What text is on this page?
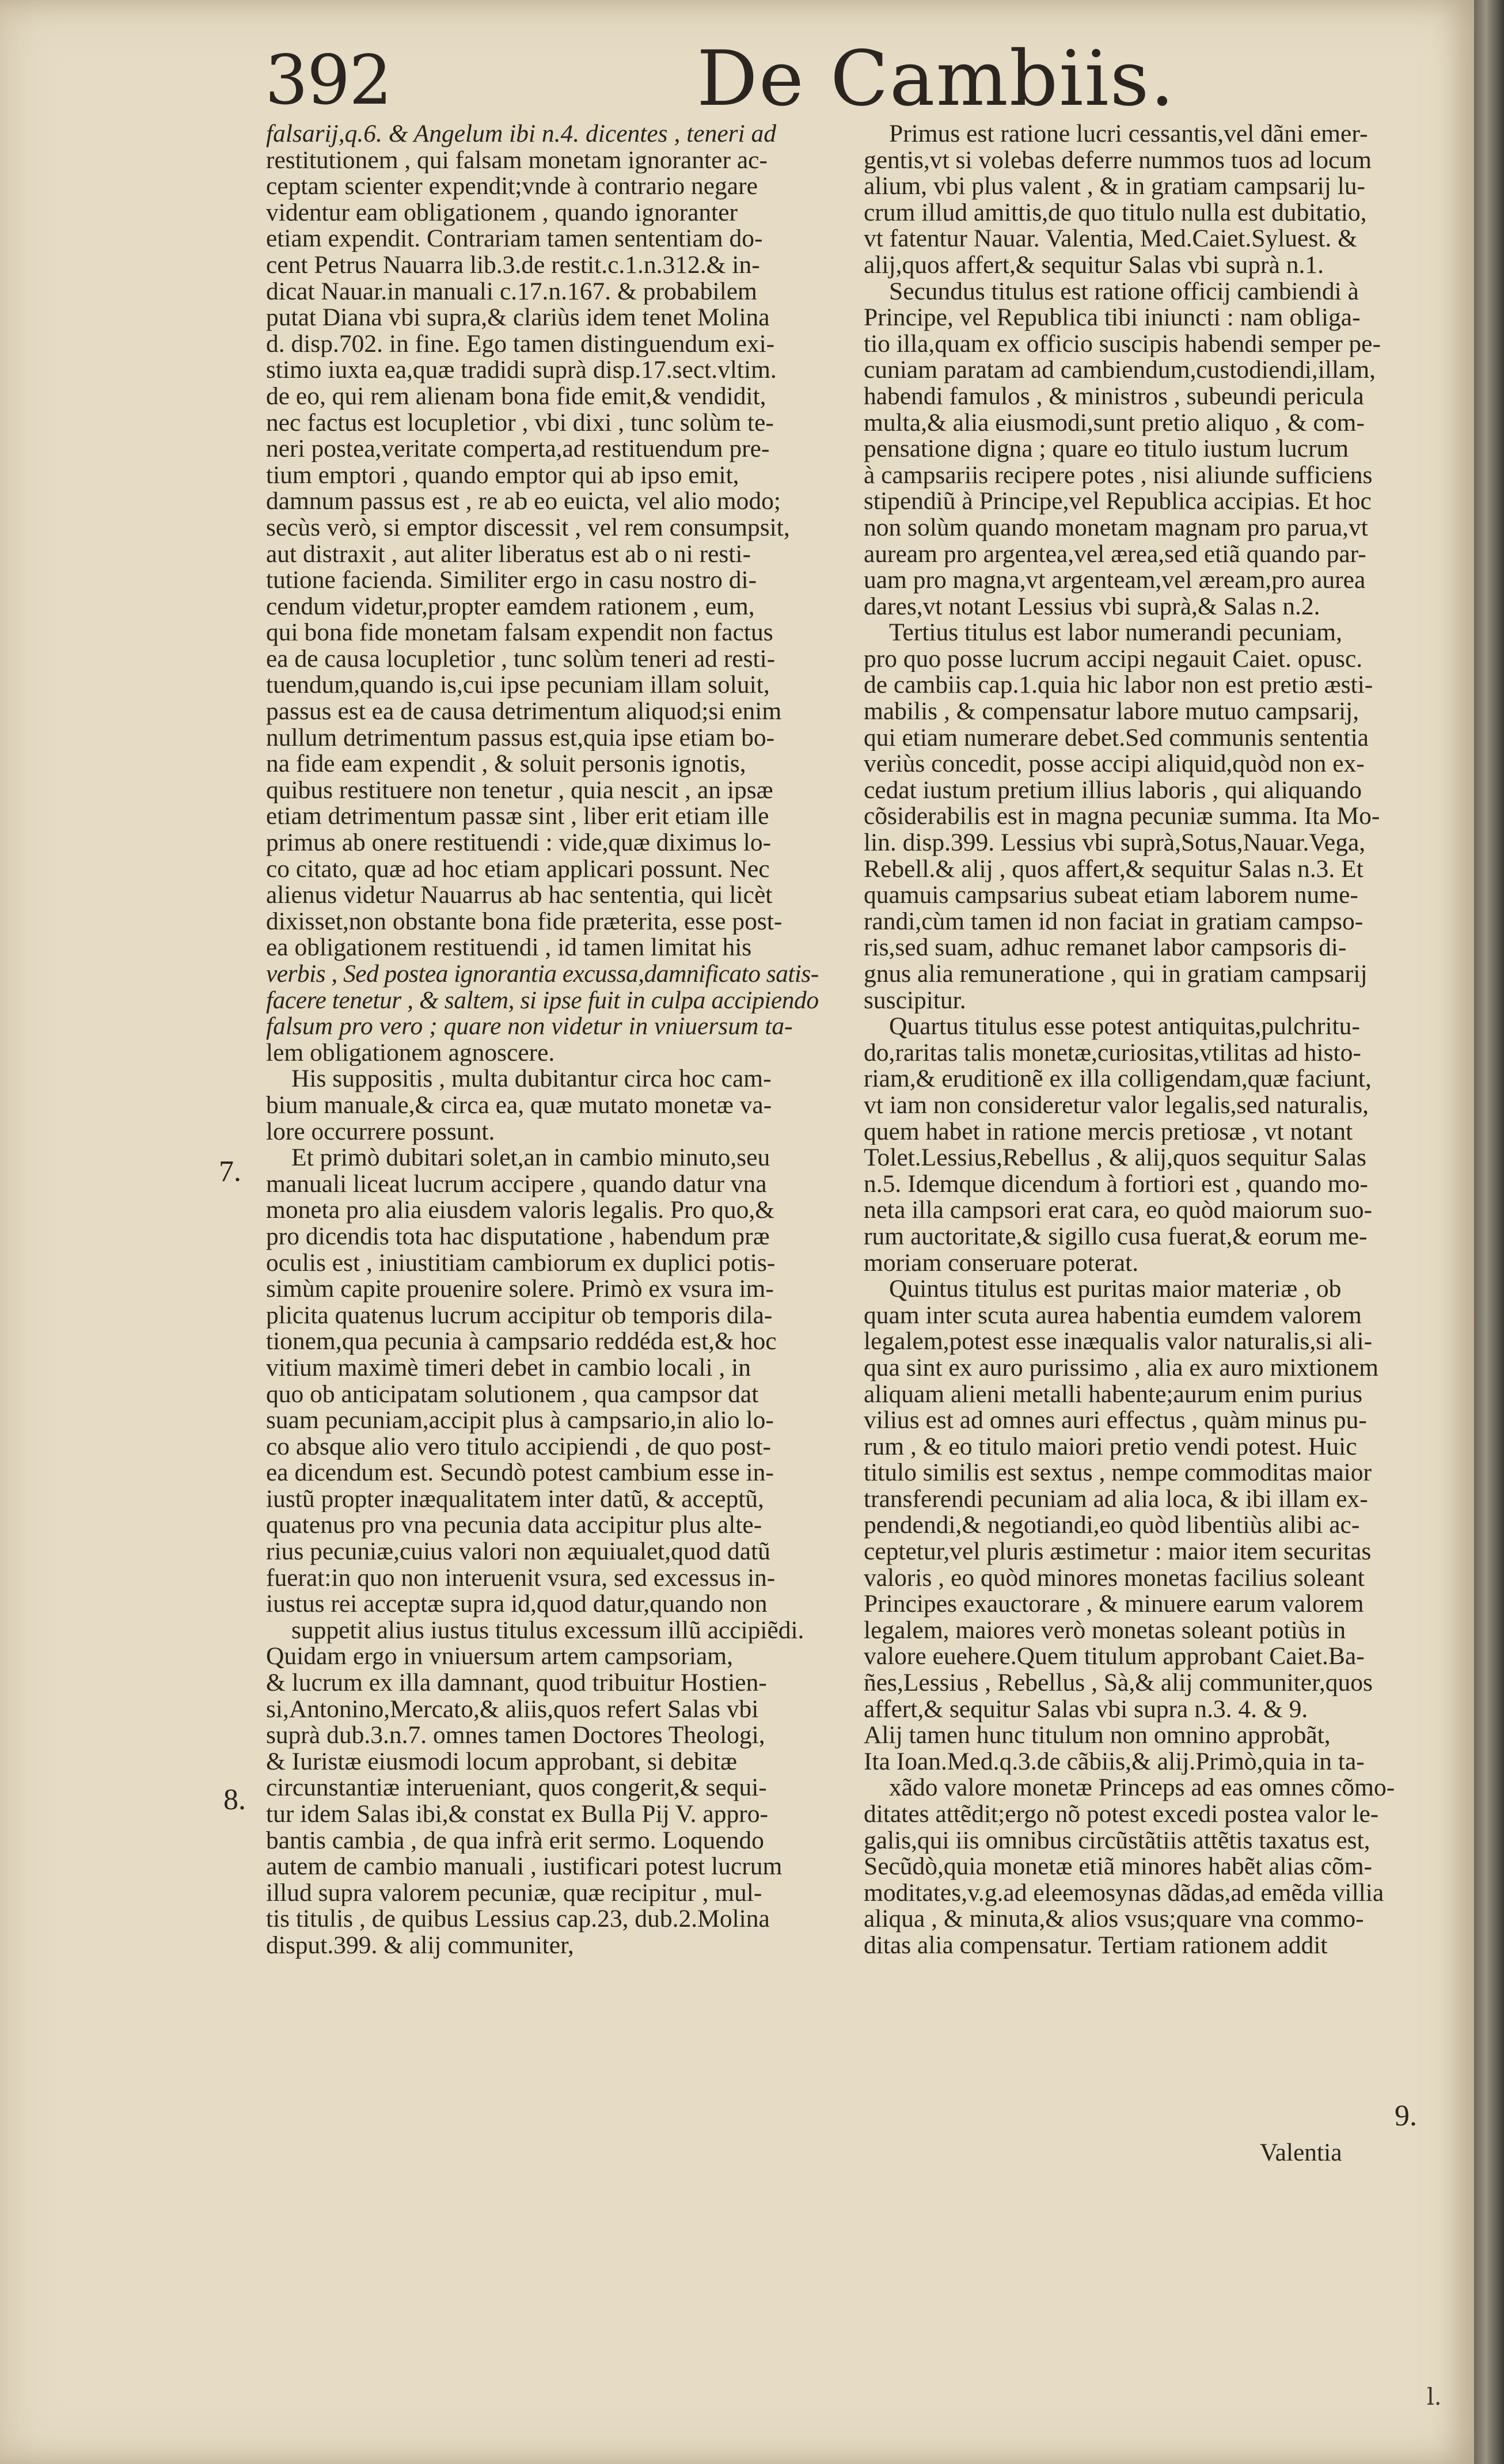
392	De Cambiis.
falsarij,q.6. & Angelum ibi n.4. dicentes , teneri ad
restitutionem , qui falsam monetam ignoranter ac-
ceptam scienter expendit;vnde à contrario negare
videntur eam obligationem , quando ignoranter
etiam expendit. Contrariam tamen sententiam do-
cent Petrus Nauarra lib.3.de restit.c.1.n.312.& in-
dicat Nauar.in manuali c.17.n.167. & probabilem
putat Diana vbi supra,& clariùs idem tenet Molina
d. disp.702. in fine. Ego tamen distinguendum exi-
stimo iuxta ea,quæ tradidi suprà disp.17.sect.vltim.
de eo, qui rem alienam bona fide emit,& vendidit,
nec factus est locupletior , vbi dixi , tunc solùm te-
neri postea,veritate comperta,ad restituendum pre-
tium emptori , quando emptor qui ab ipso emit,
damnum passus est , re ab eo euicta, vel alio modo;
secùs verò, si emptor discessit , vel rem consumpsit,
aut distraxit , aut aliter liberatus est ab o ni resti-
tutione facienda. Similiter ergo in casu nostro di-
cendum videtur,propter eamdem rationem , eum,
qui bona fide monetam falsam expendit non factus
ea de causa locupletior , tunc solùm teneri ad resti-
tuendum,quando is,cui ipse pecuniam illam soluit,
passus est ea de causa detrimentum aliquod;si enim
nullum detrimentum passus est,quia ipse etiam bo-
na fide eam expendit , & soluit personis ignotis,
quibus restituere non tenetur , quia nescit , an ipsæ
etiam detrimentum passæ sint , liber erit etiam ille
primus ab onere restituendi : vide,quæ diximus lo-
co citato, quæ ad hoc etiam applicari possunt. Nec
alienus videtur Nauarrus ab hac sententia, qui licèt
dixisset,non obstante bona fide præterita, esse post-
ea obligationem restituendi , id tamen limitat his
verbis , Sed postea ignorantia excussa,damnificato satis-
facere tenetur , & saltem, si ipse fuit in culpa accipiendo
falsum pro vero ; quare non videtur in vniuersum ta-
lem obligationem agnoscere.
His suppositis , multa dubitantur circa hoc cam-
bium manuale,& circa ea, quæ mutato monetæ va-
lore occurrere possunt.
Et primò dubitari solet,an in cambio minuto,seu
manuali liceat lucrum accipere , quando datur vna
moneta pro alia eiusdem valoris legalis. Pro quo,&
pro dicendis tota hac disputatione , habendum præ
oculis est , iniustitiam cambiorum ex duplici potis-
simùm capite prouenire solere. Primò ex vsura im-
plicita quatenus lucrum accipitur ob temporis dila-
tionem,qua pecunia à campsario reddéda est,& hoc
vitium maximè timeri debet in cambio locali , in
quo ob anticipatam solutionem , qua campsor dat
suam pecuniam,accipit plus à campsario,in alio lo-
co absque alio vero titulo accipiendi , de quo post-
ea dicendum est. Secundò potest cambium esse in-
iustũ propter inæqualitatem inter datũ, & acceptũ,
quatenus pro vna pecunia data accipitur plus alte-
rius pecuniæ,cuius valori non æquiualet,quod datũ
fuerat:in quo non interuenit vsura, sed excessus in-
iustus rei acceptæ supra id,quod datur,quando non
suppetit alius iustus titulus excessum illũ accipiẽdi.
Quidam ergo in vniuersum artem campsoriam,
& lucrum ex illa damnant, quod tribuitur Hostien-
si,Antonino,Mercato,& aliis,quos refert Salas vbi
suprà dub.3.n.7. omnes tamen Doctores Theologi,
& Iuristæ eiusmodi locum approbant, si debitæ
circunstantiæ interueniant, quos congerit,& sequi-
tur idem Salas ibi,& constat ex Bulla Pij V. appro-
bantis cambia , de qua infrà erit sermo. Loquendo
autem de cambio manuali , iustificari potest lucrum
illud supra valorem pecuniæ, quæ recipitur , mul-
tis titulis , de quibus Lessius cap.23, dub.2.Molina
disput.399. & alij communiter,
Primus est ratione lucri cessantis,vel dãni emer-
gentis,vt si volebas deferre nummos tuos ad locum
alium, vbi plus valent , & in gratiam campsarij lu-
crum illud amittis,de quo titulo nulla est dubitatio,
vt fatentur Nauar. Valentia, Med.Caiet.Syluest. &
alij,quos affert,& sequitur Salas vbi suprà n.1.
Secundus titulus est ratione officij cambiendi à
Principe, vel Republica tibi iniuncti : nam obliga-
tio illa,quam ex officio suscipis habendi semper pe-
cuniam paratam ad cambiendum,custodiendi,illam,
habendi famulos , & ministros , subeundi pericula
multa,& alia eiusmodi,sunt pretio aliquo , & com-
pensatione digna ; quare eo titulo iustum lucrum
à campsariis recipere potes , nisi aliunde sufficiens
stipendiũ à Principe,vel Republica accipias. Et hoc
non solùm quando monetam magnam pro parua,vt
auream pro argentea,vel ærea,sed etiã quando par-
uam pro magna,vt argenteam,vel æream,pro aurea
dares,vt notant Lessius vbi suprà,& Salas n.2.
Tertius titulus est labor numerandi pecuniam,
pro quo posse lucrum accipi negauit Caiet. opusc.
de cambiis cap.1.quia hic labor non est pretio æsti-
mabilis , & compensatur labore mutuo campsarij,
qui etiam numerare debet.Sed communis sententia
veriùs concedit, posse accipi aliquid,quòd non ex-
cedat iustum pretium illius laboris , qui aliquando
cõsiderabilis est in magna pecuniæ summa. Ita Mo-
lin. disp.399. Lessius vbi suprà,Sotus,Nauar.Vega,
Rebell.& alij , quos affert,& sequitur Salas n.3. Et
quamuis campsarius subeat etiam laborem nume-
randi,cùm tamen id non faciat in gratiam campso-
ris,sed suam, adhuc remanet labor campsoris di-
gnus alia remuneratione , qui in gratiam campsarij
suscipitur.
Quartus titulus esse potest antiquitas,pulchritu-
do,raritas talis monetæ,curiositas,vtilitas ad histo-
riam,& eruditionẽ ex illa colligendam,quæ faciunt,
vt iam non consideretur valor legalis,sed naturalis,
quem habet in ratione mercis pretiosæ , vt notant
Tolet.Lessius,Rebellus , & alij,quos sequitur Salas
n.5. Idemque dicendum à fortiori est , quando mo-
neta illa campsori erat cara, eo quòd maiorum suo-
rum auctoritate,& sigillo cusa fuerat,& eorum me-
moriam conseruare poterat.
Quintus titulus est puritas maior materiæ , ob
quam inter scuta aurea habentia eumdem valorem
legalem,potest esse inæqualis valor naturalis,si ali-
qua sint ex auro purissimo , alia ex auro mixtionem
aliquam alieni metalli habente;aurum enim purius
vilius est ad omnes auri effectus , quàm minus pu-
rum , & eo titulo maiori pretio vendi potest. Huic
titulo similis est sextus , nempe commoditas maior
transferendi pecuniam ad alia loca, & ibi illam ex-
pendendi,& negotiandi,eo quòd libentiùs alibi ac-
ceptetur,vel pluris æstimetur : maior item securitas
valoris , eo quòd minores monetas facilius soleant
Principes exauctorare , & minuere earum valorem
legalem, maiores verò monetas soleant potiùs in
valore euehere.Quem titulum approbant Caiet.Ba-
ñes,Lessius , Rebellus , Sà,& alij communiter,quos
affert,& sequitur Salas vbi supra n.3. 4. & 9.
Alij tamen hunc titulum non omnino approbãt,
Ita Ioan.Med.q.3.de cãbiis,& alij.Primò,quia in ta-
xãdo valore monetæ Princeps ad eas omnes cõmo-
ditates attẽdit;ergo nõ potest excedi postea valor le-
galis,qui iis omnibus circũstãtiis attẽtis taxatus est,
Secũdò,quia monetæ etiã minores habẽt alias cõm-
moditates,v.g.ad eleemosynas dãdas,ad emẽda villia
aliqua , & minuta,& alios vsus;quare vna commo-
ditas alia compensatur. Tertiam rationem addit
7.
8.
9.
Valentia
l.
